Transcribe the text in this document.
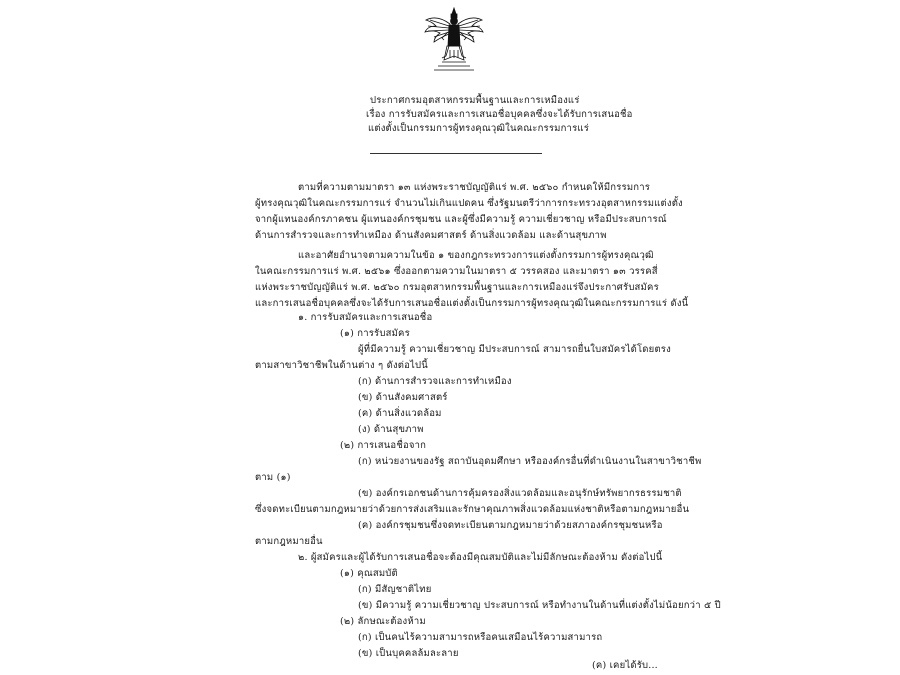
ประกาศกรมอุตสาหกรรมพื้นฐานและการเหมืองแร่
เรื่อง การรับสมัครและการเสนอชื่อบุคคลซึ่งจะได้รับการเสนอชื่อ
แต่งตั้งเป็นกรรมการผู้ทรงคุณวุฒิในคณะกรรมการแร่
ตามที่ความตามมาตรา ๑๓ แห่งพระราชบัญญัติแร่ พ.ศ. ๒๕๖๐ กำหนดให้มีกรรมการ
ผู้ทรงคุณวุฒิในคณะกรรมการแร่ จำนวนไม่เกินแปดคน ซึ่งรัฐมนตรีว่าการกระทรวงอุตสาหกรรมแต่งตั้ง
จากผู้แทนองค์กรภาคชน ผู้แทนองค์กรชุมชน และผู้ซึ่งมีความรู้ ความเชี่ยวชาญ หรือมีประสบการณ์
ด้านการสำรวจและการทำเหมือง ด้านสังคมศาสตร์ ด้านสิ่งแวดล้อม และด้านสุขภาพ
และอาศัยอำนาจตามความในข้อ ๑ ของกฎกระทรวงการแต่งตั้งกรรมการผู้ทรงคุณวุฒิ
ในคณะกรรมการแร่ พ.ศ. ๒๕๖๑ ซึ่งออกตามความในมาตรา ๕ วรรคสอง และมาตรา ๑๓ วรรคสี่
แห่งพระราชบัญญัติแร่ พ.ศ. ๒๕๖๐ กรมอุตสาหกรรมพื้นฐานและการเหมืองแร่จึงประกาศรับสมัคร
และการเสนอชื่อบุคคลซึ่งจะได้รับการเสนอชื่อแต่งตั้งเป็นกรรมการผู้ทรงคุณวุฒิในคณะกรรมการแร่ ดังนี้
๑. การรับสมัครและการเสนอชื่อ
(๑) การรับสมัคร
ผู้ที่มีความรู้ ความเชี่ยวชาญ มีประสบการณ์ สามารถยื่นใบสมัครได้โดยตรง
ตามสาขาวิชาชีพในด้านต่าง ๆ ดังต่อไปนี้
(ก) ด้านการสำรวจและการทำเหมือง
(ข) ด้านสังคมศาสตร์
(ค) ด้านสิ่งแวดล้อม
(ง) ด้านสุขภาพ
(๒) การเสนอชื่อจาก
(ก) หน่วยงานของรัฐ สถาบันอุดมศึกษา หรือองค์กรอื่นที่ดำเนินงานในสาขาวิชาชีพ
ตาม (๑)
(ข) องค์กรเอกชนด้านการคุ้มครองสิ่งแวดล้อมและอนุรักษ์ทรัพยากรธรรมชาติ
ซึ่งจดทะเบียนตามกฎหมายว่าด้วยการส่งเสริมและรักษาคุณภาพสิ่งแวดล้อมแห่งชาติหรือตามกฎหมายอื่น
(ค) องค์กรชุมชนซึ่งจดทะเบียนตามกฎหมายว่าด้วยสภาองค์กรชุมชนหรือ
ตามกฎหมายอื่น
๒. ผู้สมัครและผู้ได้รับการเสนอชื่อจะต้องมีคุณสมบัติและไม่มีลักษณะต้องห้าม ดังต่อไปนี้
(๑) คุณสมบัติ
(ก) มีสัญชาติไทย
(ข) มีความรู้ ความเชี่ยวชาญ ประสบการณ์ หรือทำงานในด้านที่แต่งตั้งไม่น้อยกว่า ๕ ปี
(๒) ลักษณะต้องห้าม
(ก) เป็นคนไร้ความสามารถหรือคนเสมือนไร้ความสามารถ
(ข) เป็นบุคคลล้มละลาย
(ค) เคยได้รับ...
